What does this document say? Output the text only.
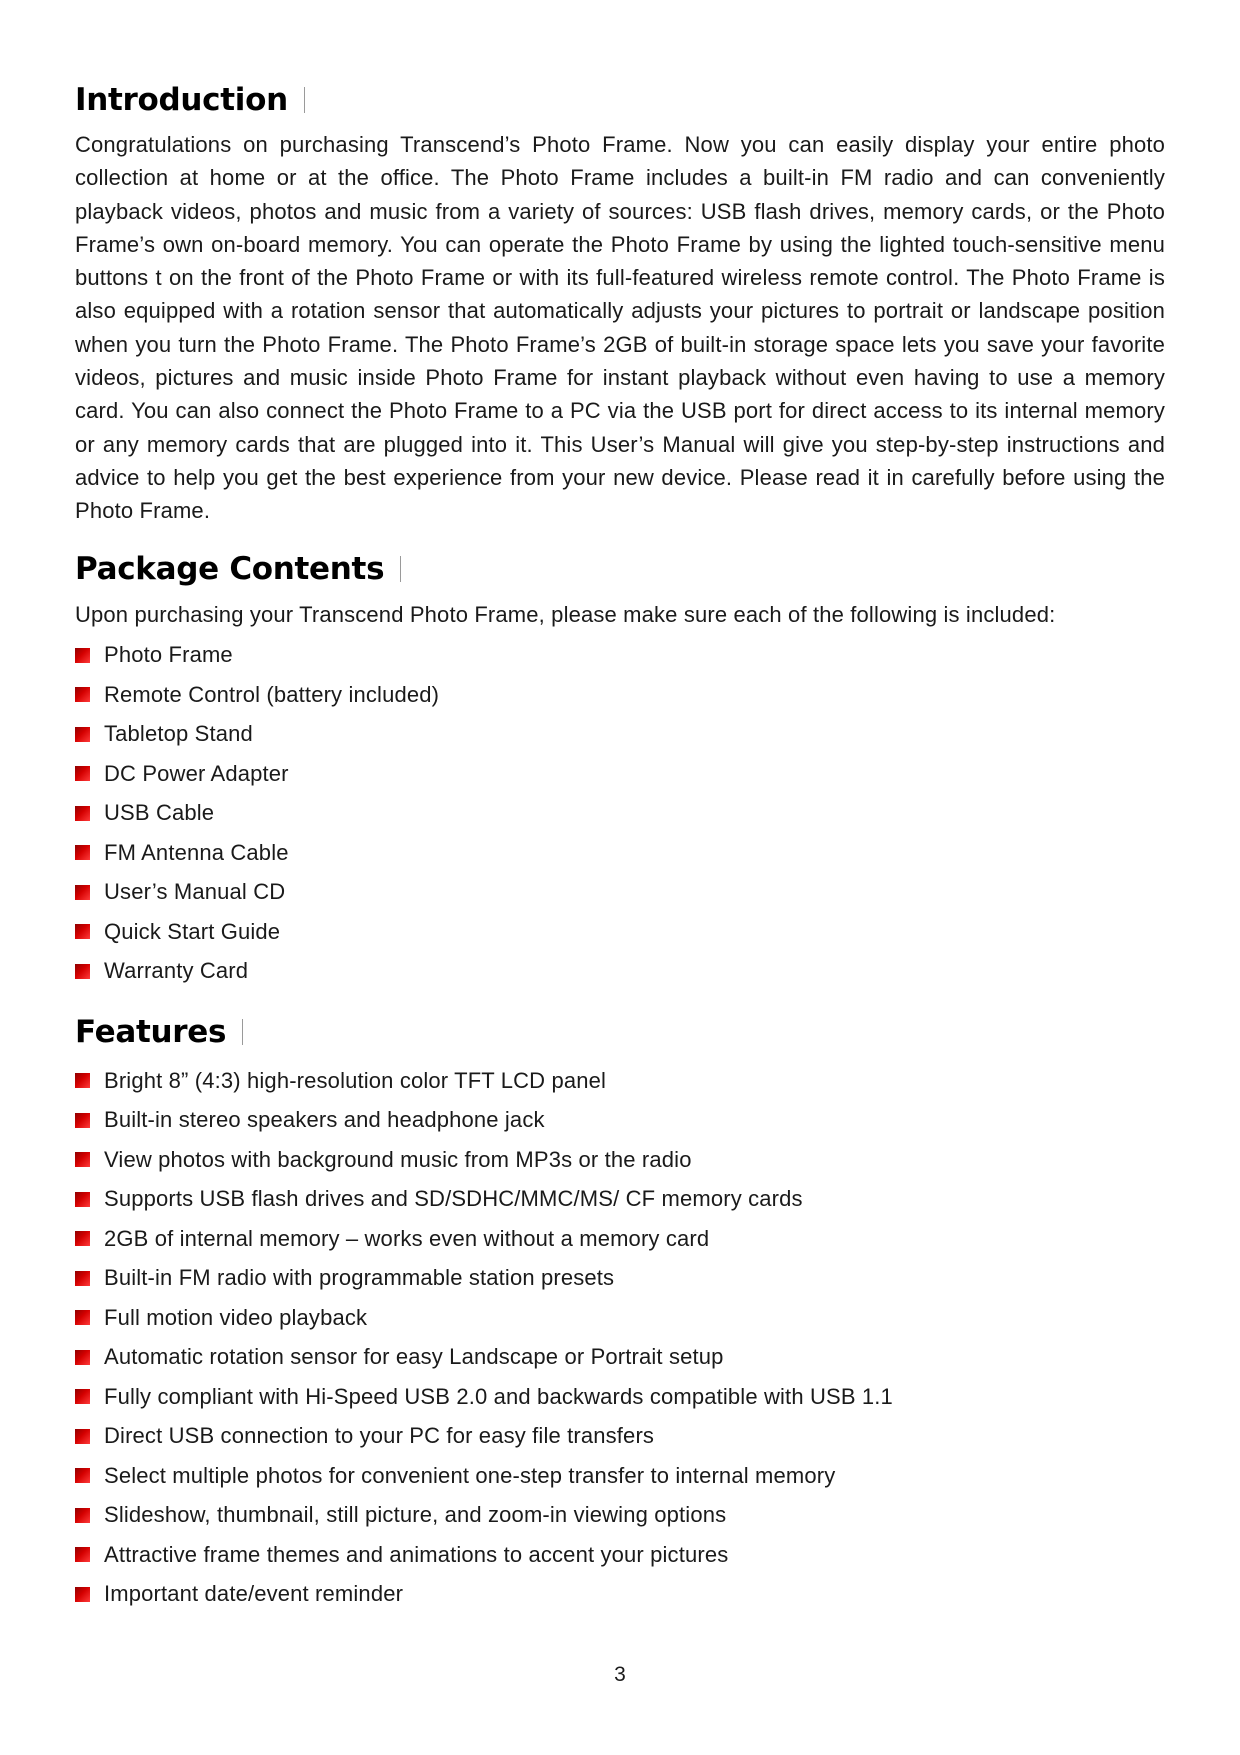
Introduction

Congratulations on purchasing Transcend’s Photo Frame. Now you can easily display your entire photo collection at home or at the office. The Photo Frame includes a built-in FM radio and can conveniently playback videos, photos and music from a variety of sources: USB flash drives, memory cards, or the Photo Frame’s own on-board memory. You can operate the Photo Frame by using the lighted touch-sensitive menu buttons t on the front of the Photo Frame or with its full-featured wireless remote control. The Photo Frame is also equipped with a rotation sensor that automatically adjusts your pictures to portrait or landscape position when you turn the Photo Frame. The Photo Frame’s 2GB of built-in storage space lets you save your favorite videos, pictures and music inside Photo Frame for instant playback without even having to use a memory card. You can also connect the Photo Frame to a PC via the USB port for direct access to its internal memory or any memory cards that are plugged into it. This User’s Manual will give you step-by-step instructions and advice to help you get the best experience from your new device. Please read it in carefully before using the Photo Frame.

Package Contents

Upon purchasing your Transcend Photo Frame, please make sure each of the following is included:

Photo Frame
Remote Control (battery included)
Tabletop Stand
DC Power Adapter
USB Cable
FM Antenna Cable
User’s Manual CD
Quick Start Guide
Warranty Card
Features
Bright 8” (4:3) high-resolution color TFT LCD panel
Built-in stereo speakers and headphone jack
View photos with background music from MP3s or the radio
Supports USB flash drives and SD/SDHC/MMC/MS/ CF memory cards
2GB of internal memory – works even without a memory card
Built-in FM radio with programmable station presets
Full motion video playback
Automatic rotation sensor for easy Landscape or Portrait setup
Fully compliant with Hi-Speed USB 2.0 and backwards compatible with USB 1.1
Direct USB connection to your PC for easy file transfers
Select multiple photos for convenient one-step transfer to internal memory
Slideshow, thumbnail, still picture, and zoom-in viewing options
Attractive frame themes and animations to accent your pictures
Important date/event reminder
3
